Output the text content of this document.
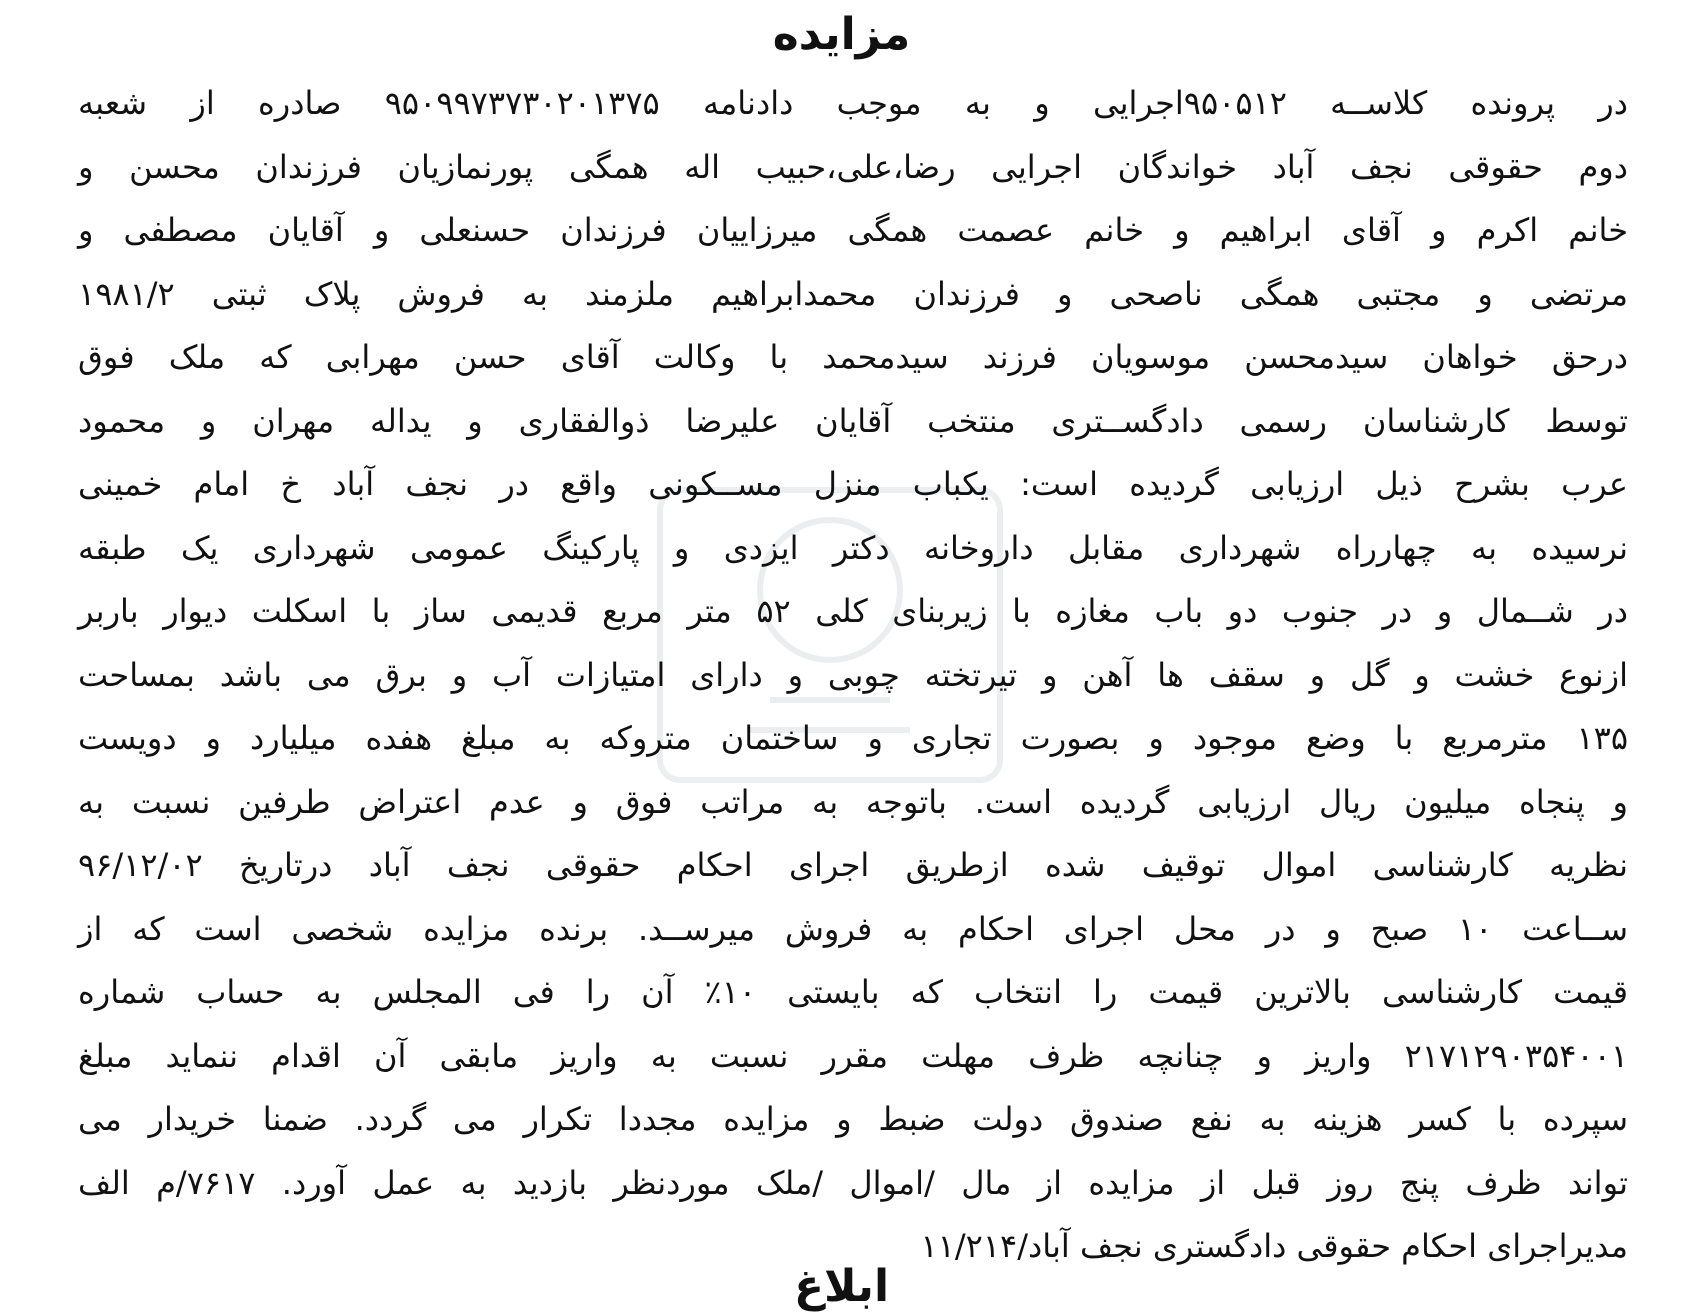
مزایده
در پرونده کلاســه ۹۵۰۵۱۲اجرایی و به موجب دادنامه ۹۵۰۹۹۷۳۷۳۰۲۰۱۳۷۵ صادره از شعبه
دوم حقوقی نجف آباد خواندگان اجرایی رضا،علی،حبیب اله همگی پورنمازیان فرزندان محسن و
خانم اکرم و آقای ابراهیم و خانم عصمت همگی میرزاییان فرزندان حسنعلی و آقایان مصطفی و
مرتضی و مجتبی همگی ناصحی و فرزندان محمدابراهیم ملزمند به فروش پلاک ثبتی ۱۹۸۱/۲
درحق خواهان سیدمحسن موسویان فرزند سیدمحمد با وکالت آقای حسن مهرابی که ملک فوق
توسط کارشناسان رسمی دادگســتری منتخب آقایان علیرضا ذوالفقاری و یداله مهران و محمود
عرب بشرح ذیل ارزیابی گردیده است: یکباب منزل مســکونی واقع در نجف آباد خ امام خمینی
نرسیده به چهارراه شهرداری مقابل داروخانه دکتر ایزدی و پارکینگ عمومی شهرداری یک طبقه
در شــمال و در جنوب دو باب مغازه با زیربنای کلی ۵۲ متر مربع قدیمی ساز با اسکلت دیوار باربر
ازنوع خشت و گل و سقف ها آهن و تیرتخته چوبی و دارای امتیازات آب و برق می باشد بمساحت
۱۳۵ مترمربع با وضع موجود و بصورت تجاری و ساختمان متروکه به مبلغ هفده میلیارد و دویست
و پنجاه میلیون ریال ارزیابی گردیده است. باتوجه به مراتب فوق و عدم اعتراض طرفین نسبت به
نظریه کارشناسی اموال توقیف شده ازطریق اجرای احکام حقوقی نجف آباد درتاریخ ۹۶/۱۲/۰۲
ســاعت ۱۰ صبح و در محل اجرای احکام به فروش میرســد. برنده مزایده شخصی است که از
قیمت کارشناسی بالاترین قیمت را انتخاب که بایستی ۱۰٪ آن را فی المجلس به حساب شماره
۲۱۷۱۲۹۰۳۵۴۰۰۱ واریز و چنانچه ظرف مهلت مقرر نسبت به واریز مابقی آن اقدام ننماید مبلغ
سپرده با کسر هزینه به نفع صندوق دولت ضبط و مزایده مجددا تکرار می گردد. ضمنا خریدار می
تواند ظرف پنج روز قبل از مزایده از مال /اموال /ملک موردنظر بازدید به عمل آورد. ۷۶۱۷/م الف
مدیراجرای احکام حقوقی دادگستری نجف آباد/۱۱/۲۱۴
ابلاغ
